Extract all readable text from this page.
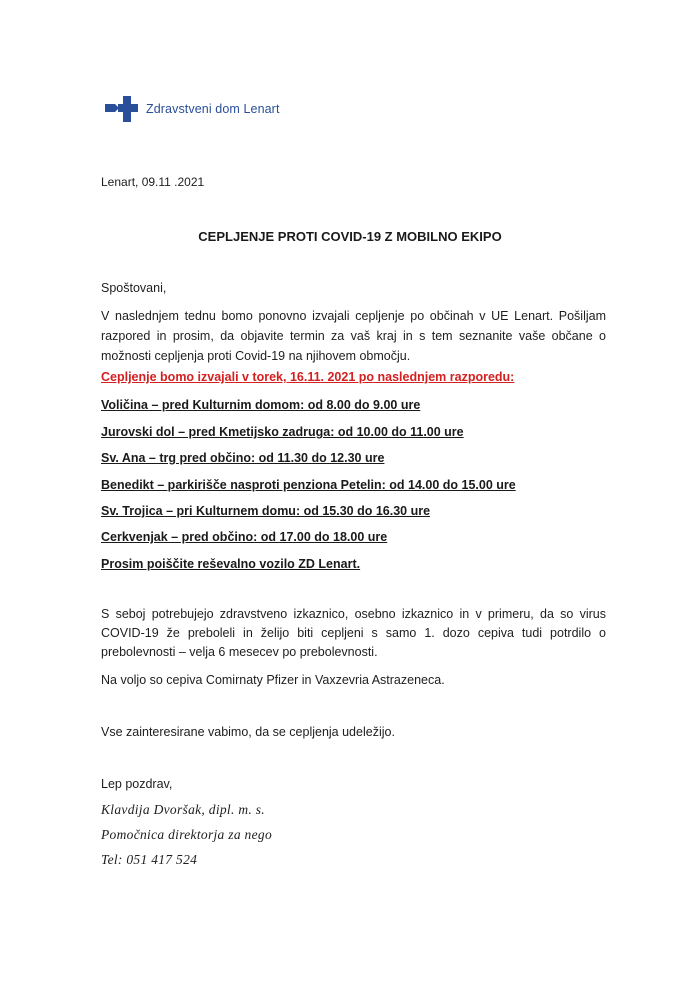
Zdravstveni dom Lenart
Lenart, 09.11 .2021
CEPLJENJE PROTI COVID-19 Z MOBILNO EKIPO
Spoštovani,
V naslednjem tednu bomo ponovno izvajali cepljenje po občinah v UE Lenart. Pošiljam razpored in prosim, da objavite termin za vaš kraj in s tem seznanite vaše občane o možnosti cepljenja proti Covid-19 na njihovem območju.
Cepljenje bomo izvajali v torek, 16.11. 2021 po naslednjem razporedu:
Voličina – pred Kulturnim domom: od 8.00 do 9.00 ure
Jurovski dol – pred Kmetijsko zadruga: od 10.00 do 11.00 ure
Sv. Ana – trg pred občino: od 11.30 do 12.30 ure
Benedikt – parkirišče nasproti penziona Petelin: od 14.00 do 15.00 ure
Sv. Trojica – pri Kulturnem domu: od 15.30 do 16.30 ure
Cerkvenjak – pred občino: od 17.00 do 18.00 ure
Prosim poiščite reševalno vozilo ZD Lenart.
S seboj potrebujejo zdravstveno izkaznico, osebno izkaznico in v primeru, da so virus COVID-19 že preboleli in želijo biti cepljeni s samo 1. dozo cepiva tudi potrdilo o prebolevnosti – velja 6 mesecev po prebolevnosti.
Na voljo so cepiva Comirnaty Pfizer in Vaxzevria Astrazeneca.
Vse zainteresirane vabimo, da se cepljenja udeležijo.
Lep pozdrav,
Klavdija Dvoršak, dipl. m. s.
Pomočnica direktorja za nego
Tel: 051 417 524
